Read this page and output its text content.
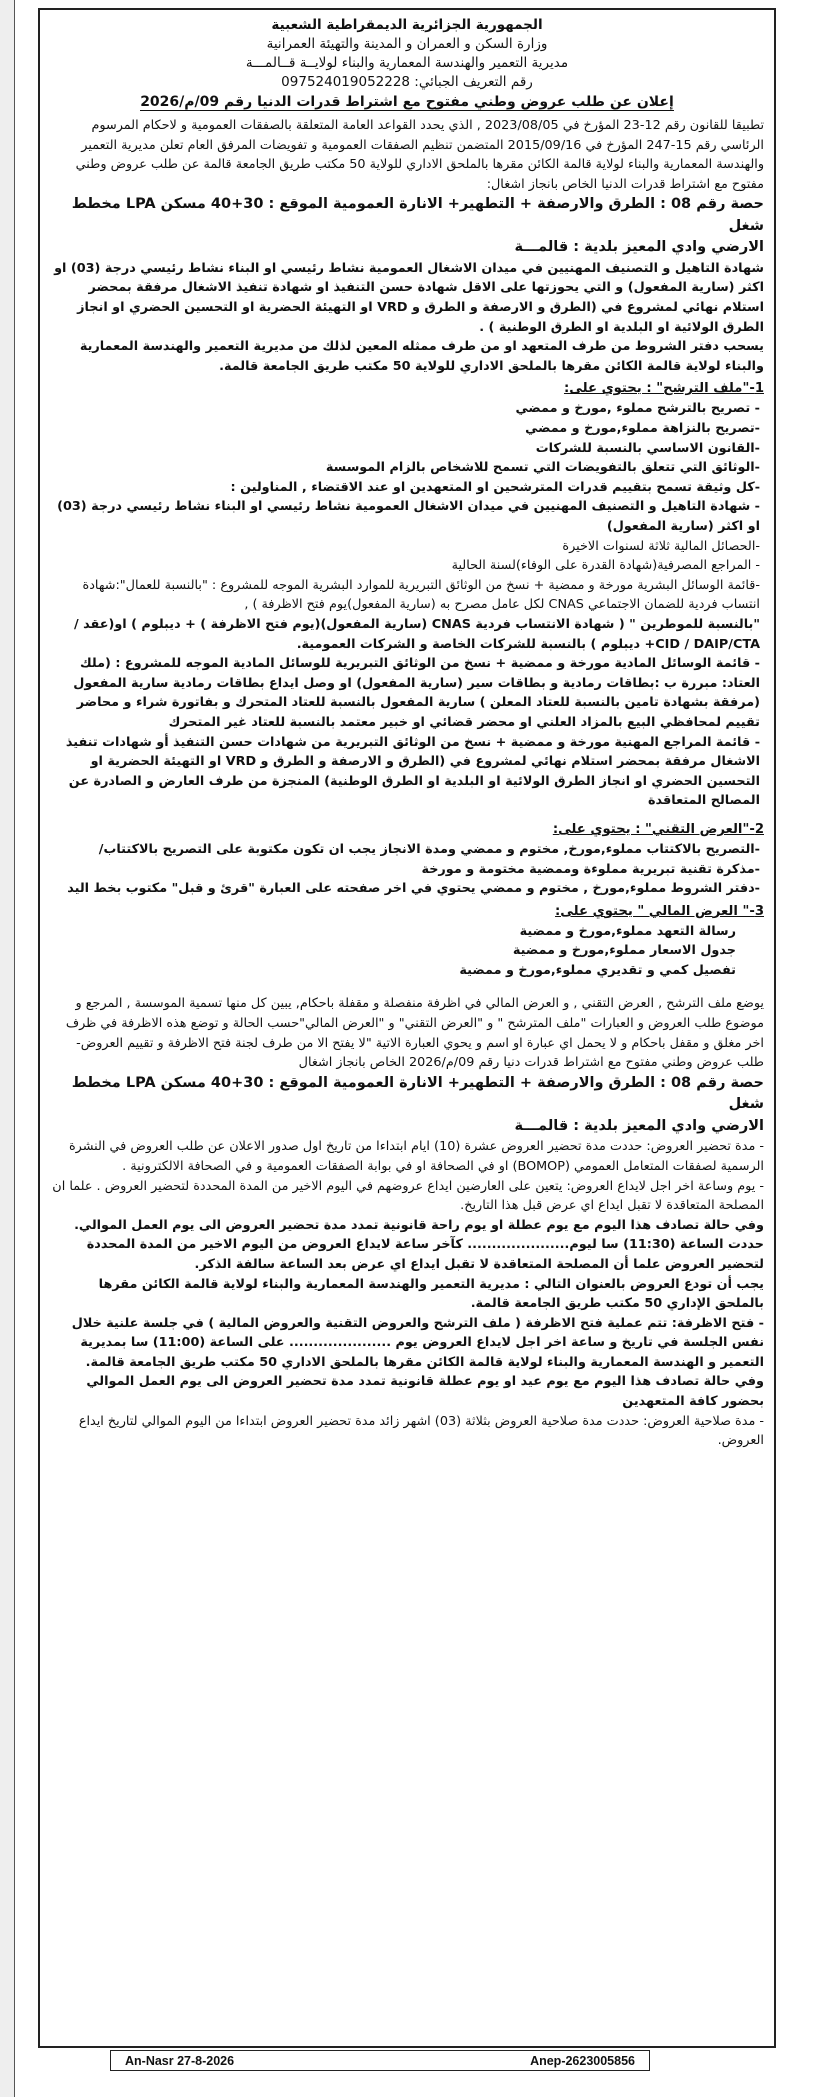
الجمهورية الجزائرية الديمقراطية الشعبية

وزارة السكن و العمران و المدينة والتهيئة العمرانية

مديرية التعمير والهندسة المعمارية والبناء لولايــة قــالمـــة

رقم التعريف الجبائي: 097524019052228

إعلان عن طلب عروض وطني مفتوح مع اشتراط قدرات الدنيا رقم 09/م/2026

تطبيقا للقانون رقم 12-23 المؤرخ في 2023/08/05 , الذي يحدد القواعد العامة المتعلقة بالصفقات العمومية و لاحكام المرسوم الرئاسي رقم 15-247 المؤرخ في 2015/09/16 المتضمن تنظيم الصفقات العمومية و تفويضات المرفق العام تعلن مديرية التعمير والهندسة المعمارية والبناء لولاية قالمة الكائن مقرها بالملحق الاداري للولاية 50 مكتب طريق الجامعة قالمة عن طلب عروض وطني مفتوح مع اشتراط قدرات الدنيا الخاص بانجاز اشغال:

حصة رقم 08 : الطرق والارصفة + التطهير+ الانارة العمومية الموقع : 30+40 مسكن LPA مخطط شغل

الارضي وادي المعيز بلدية : قالمـــة

شهادة التاهيل و التصنيف المهنيين في ميدان الاشغال العمومية نشاط رئيسي او البناء نشاط رئيسي درجة (03) او اكثر (سارية المفعول) و التي يحوزتها على الاقل شهادة حسن التنفيذ او شهادة تنفيذ الاشغال مرفقة بمحضر استلام نهائي لمشروع في (الطرق و الارصفة و الطرق و VRD او التهيئة الحضرية او التحسين الحضري او انجاز الطرق الولائية او البلدية او الطرق الوطنية ) .

يسحب دفتر الشروط من طرف المتعهد او من طرف ممثله المعين لذلك من مديرية التعمير والهندسة المعمارية والبناء لولاية قالمة الكائن مقرها بالملحق الاداري للولاية 50 مكتب طريق الجامعة قالمة.

1-"ملف الترشح" : يحتوي على:

- تصريح بالترشح مملوء ,مورخ و ممضي

-تصريح بالنزاهة مملوء,مورخ و ممضي

-القانون الاساسي بالنسبة للشركات

-الوثائق التي تتعلق بالتفويضات التي تسمح للاشخاص بالزام الموسسة

-كل وثيقة تسمح بتقييم قدرات المترشحين او المتعهدين او عند الاقتضاء , المناولين :

- شهادة التاهيل و التصنيف المهنيين في ميدان الاشغال العمومية نشاط رئيسي او البناء نشاط رئيسي درجة (03) او اكثر (سارية المفعول)

-الحصائل المالية ثلاثة لسنوات الاخيرة

- المراجع المصرفية(شهادة القدرة على الوفاء)لسنة الحالية

-قائمة الوسائل البشرية مورخة و ممضية + نسخ من الوثائق التبريرية للموارد البشرية الموجه للمشروع : "بالنسبة للعمال":شهادة انتساب فردية للضمان الاجتماعي CNAS لكل عامل مصرح به (سارية المفعول)يوم فتح الاظرفة ) ,

"بالنسبة للموطرين " ( شهادة الانتساب فردية CNAS (سارية المفعول)(يوم فتح الاظرفة ) + ديبلوم ) او(عقد / CID / DAIP/CTA+ ديبلوم ) بالنسبة للشركات الخاصة و الشركات العمومية.

- قائمة الوسائل المادية مورخة و ممضية + نسخ من الوثائق التبريرية للوسائل المادية الموجه للمشروع : (ملك العتاد: مبررة ب :بطاقات رمادية و بطاقات سير (سارية المفعول) او وصل ايداع بطاقات رمادية سارية المفعول (مرفقة بشهادة تامين بالنسبة للعتاد المعلن ) سارية المفعول بالنسبة للعتاد المتحرك و بفاتورة شراء و محاضر تقييم لمحافظي البيع بالمزاد العلني او محضر قضائي او خبير معتمد بالنسبة للعتاد غير المتحرك

- قائمة المراجع المهنية مورخة و ممضية + نسخ من الوثائق التبريرية من شهادات حسن التنفيذ أو شهادات تنفيذ الاشغال مرفقة بمحضر استلام نهائي لمشروع في (الطرق و الارصفة و الطرق و VRD او التهيئة الحضرية او التحسين الحضري او انجاز الطرق الولائية او البلدية او الطرق الوطنية) المنجزة من طرف العارض و الصادرة عن المصالح المتعاقدة

2-"العرض التقني" : يحتوي على:

-التصريح بالاكتتاب مملوء,مورخ, مختوم و ممضي ومدة الانجاز يجب ان تكون مكتوبة على التصريح بالاكتتاب/

-مذكرة تقنية تبريرية مملوءة وممضية مختومة و مورخة

-دفتر الشروط مملوء,مورخ , مختوم و ممضي يحتوي في اخر صفحته على العبارة "قرئ و قبل" مكتوب بخط اليد

3-" العرض المالي " يحتوي على:

رسالة التعهد مملوء,مورخ و ممضية

جدول الاسعار مملوء,مورخ و ممضية

تفصيل كمي و تقديري مملوء,مورخ و ممضية

يوضع ملف الترشح , العرض التقني , و العرض المالي في اظرفة منفصلة و مقفلة باحكام, يبين كل منها تسمية الموسسة , المرجع و موضوع طلب العروض و العبارات "ملف المترشح " و "العرض التقني" و "العرض المالي"حسب الحالة و توضع هذه الاظرفة في ظرف اخر مغلق و مقفل باحكام و لا يحمل اي عبارة او اسم و يحوي العبارة الاتية "لا يفتح الا من طرف لجنة فتح الاظرفة و تقييم العروض- طلب عروض وطني مفتوح مع اشتراط قدرات دنيا رقم 09/م/2026 الخاص بانجاز اشغال

حصة رقم 08 : الطرق والارصفة + التطهير+ الانارة العمومية الموقع : 30+40 مسكن LPA مخطط شغل

الارضي وادي المعيز بلدية : قالمـــة

- مدة تحضير العروض: حددت مدة تحضير العروض عشرة (10) ايام ابتداءا من تاريخ اول صدور الاعلان عن طلب العروض في النشرة الرسمية لصفقات المتعامل العمومي (BOMOP) او في الصحافة او في بوابة الصفقات العمومية و في الصحافة الالكترونية .

- يوم وساعة اخر اجل لايداع العروض: يتعين على العارضين ايداع عروضهم في اليوم الاخير من المدة المحددة لتحضير العروض . علما ان المصلحة المتعاقدة لا تقبل ايداع اي عرض قبل هذا التاريخ.

وفي حالة تصادف هذا اليوم مع يوم عطلة او يوم راحة قانونية تمدد مدة تحضير العروض الى يوم العمل الموالي.

حددت الساعة (11:30) سا ليوم..................... كآخر ساعة لايداع العروض من اليوم الاخير من المدة المحددة لتحضير العروض علما أن المصلحة المتعاقدة لا تقبل ايداع اي عرض بعد الساعة سالفة الذكر.

يجب أن تودع العروض بالعنوان التالي : مديرية التعمير والهندسة المعمارية والبناء لولاية قالمة الكائن مقرها بالملحق الإداري 50 مكتب طريق الجامعة قالمة.

- فتح الاظرفة: تتم عملية فتح الاظرفة ( ملف الترشح والعروض التقنية والعروض المالية ) في جلسة علنية خلال نفس الجلسة في تاريخ و ساعة اخر اجل لايداع العروض يوم ..................... على الساعة (11:00) سا بمديرية التعمير و الهندسة المعمارية والبناء لولاية قالمة الكائن مقرها بالملحق الاداري 50 مكتب طريق الجامعة قالمة.

وفي حالة تصادف هذا اليوم مع يوم عيد او يوم عطلة قانونية تمدد مدة تحضير العروض الى يوم العمل الموالي بحضور كافة المتعهدين

- مدة صلاحية العروض: حددت مدة صلاحية العروض بثلاثة (03) اشهر زائد مدة تحضير العروض ابتداءا من اليوم الموالي لتاريخ ايداع العروض.

An-Nasr 27-8-2026	Anep-2623005856
